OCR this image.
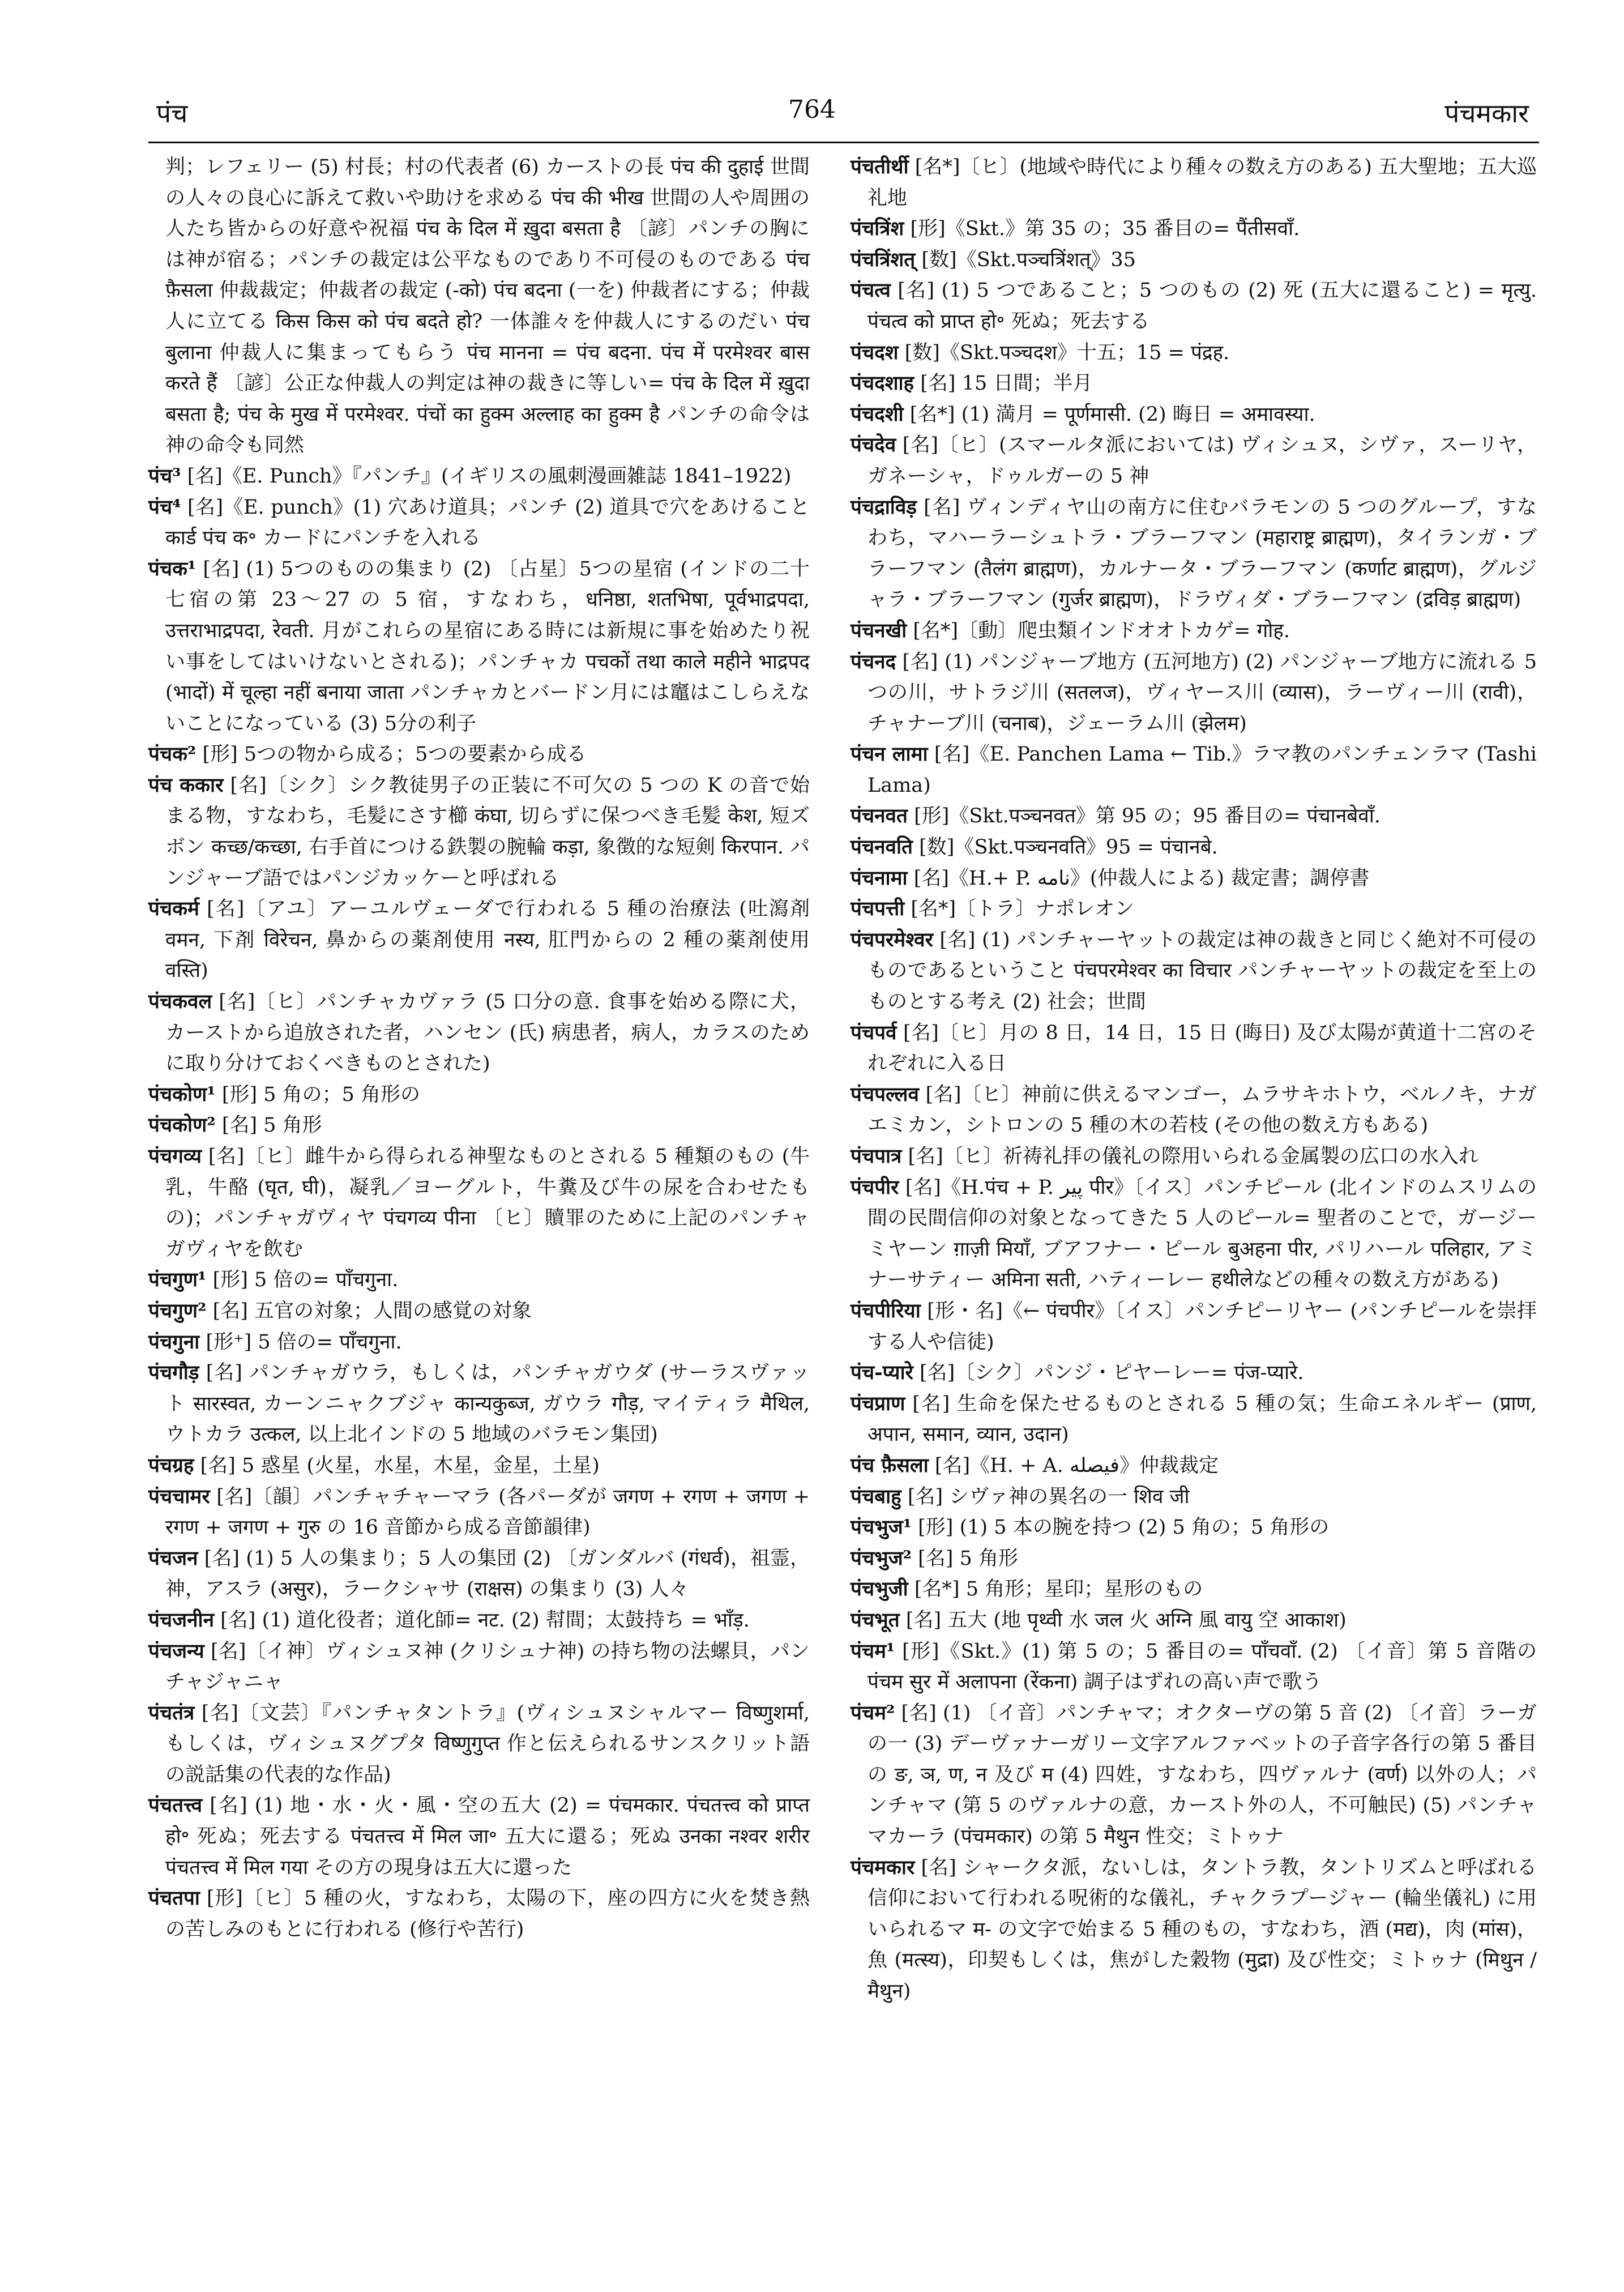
पंच	764	पंचमकार

判；レフェリー (5) 村長；村の代表者 (6) カーストの長 पंच की दुहाई 世間の人々の良心に訴えて救いや助けを求める पंच की भीख 世間の人や周囲の人たち皆からの好意や祝福 पंच के दिल में ख़ुदा बसता है 〔諺〕パンチの胸には神が宿る；パンチの裁定は公平なものであり不可侵のものである पंच फ़ैसला 仲裁裁定；仲裁者の裁定 (-को) पंच बदना (一を) 仲裁者にする；仲裁人に立てる किस किस को पंच बदते हो? 一体誰々を仲裁人にするのだい पंच बुलाना 仲裁人に集まってもらう पंच मानना = पंच बदना. पंच में परमेश्वर बास करते हैं 〔諺〕公正な仲裁人の判定は神の裁きに等しい= पंच के दिल में ख़ुदा बसता है; पंच के मुख में परमेश्वर. पंचों का हुक्म अल्लाह का हुक्म है パンチの命令は神の命令も同然

पंच³ [名]《E. Punch》『パンチ』(イギリスの風刺漫画雑誌 1841–1922)

पंच⁴ [名]《E. punch》(1) 穴あけ道具；パンチ (2) 道具で穴をあけること कार्ड पंच क॰ カードにパンチを入れる

पंचक¹ [名] (1) 5つのものの集まり (2) 〔占星〕5つの星宿 (インドの二十七宿の第 23〜27 の 5 宿，すなわち，धनिष्ठा, शतभिषा, पूर्वभाद्रपदा, उत्तराभाद्रपदा, रेवती. 月がこれらの星宿にある時には新規に事を始めたり祝い事をしてはいけないとされる)；パンチャカ पचकों तथा काले महीने भाद्रपद (भादों) में चूल्हा नहीं बनाया जाता パンチャカとバードン月には竈はこしらえないことになっている (3) 5分の利子

पंचक² [形] 5つの物から成る；5つの要素から成る

पंच ककार [名]〔シク〕シク教徒男子の正装に不可欠の 5 つの K の音で始まる物，すなわち，毛髪にさす櫛 कंघा, 切らずに保つべき毛髪 केश, 短ズボン कच्छ/कच्छा, 右手首につける鉄製の腕輪 कड़ा, 象徴的な短剣 किरपान. パンジャーブ語ではパンジカッケーと呼ばれる

पंचकर्म [名]〔アユ〕アーユルヴェーダで行われる 5 種の治療法 (吐瀉剤 वमन, 下剤 विरेचन, 鼻からの薬剤使用 नस्य, 肛門からの 2 種の薬剤使用 वस्ति)

पंचकवल [名]〔ヒ〕パンチャカヴァラ (5 口分の意. 食事を始める際に犬，カーストから追放された者，ハンセン (氏) 病患者，病人，カラスのために取り分けておくべきものとされた)

पंचकोण¹ [形] 5 角の；5 角形の

पंचकोण² [名] 5 角形

पंचगव्य [名]〔ヒ〕雌牛から得られる神聖なものとされる 5 種類のもの (牛乳，牛酪 (घृत, घी)，凝乳／ヨーグルト，牛糞及び牛の尿を合わせたもの)；パンチャガヴィヤ पंचगव्य पीना 〔ヒ〕贖罪のために上記のパンチャガヴィヤを飲む

पंचगुण¹ [形] 5 倍の= पाँचगुना.

पंचगुण² [名] 五官の対象；人間の感覚の対象

पंचगुना [形⁺] 5 倍の= पाँचगुना.

पंचगौड़ [名] パンチャガウラ，もしくは，パンチャガウダ (サーラスヴァット सारस्वत, カーンニャクブジャ कान्यकुब्ज, ガウラ गौड़, マイティラ मैथिल, ウトカラ उत्कल, 以上北インドの 5 地域のバラモン集団)

पंचग्रह [名] 5 惑星 (火星，水星，木星，金星，土星)

पंचचामर [名]〔韻〕パンチャチャーマラ (各パーダが जगण + रगण + जगण + रगण + जगण + गुरु の 16 音節から成る音節韻律)

पंचजन [名] (1) 5 人の集まり；5 人の集団 (2) 〔ガンダルバ (गंधर्व)，祖霊，神，アスラ (असुर)，ラークシャサ (राक्षस) の集まり (3) 人々

पंचजनीन [名] (1) 道化役者；道化師= नट. (2) 幇間；太鼓持ち = भाँड़.

पंचजन्य [名]〔イ神〕ヴィシュヌ神 (クリシュナ神) の持ち物の法螺貝，パンチャジャニャ

पंचतंत्र [名]〔文芸〕『パンチャタントラ』(ヴィシュヌシャルマー विष्णुशर्मा, もしくは，ヴィシュヌグプタ विष्णुगुप्त 作と伝えられるサンスクリット語の説話集の代表的な作品)

पंचतत्त्व [名] (1) 地・水・火・風・空の五大 (2) = पंचमकार. पंचतत्त्व को प्राप्त हो॰ 死ぬ；死去する पंचतत्त्व में मिल जा॰ 五大に還る；死ぬ उनका नश्वर शरीर पंचतत्त्व में मिल गया その方の現身は五大に還った

पंचतपा [形]〔ヒ〕5 種の火，すなわち，太陽の下，座の四方に火を焚き熱の苦しみのもとに行われる (修行や苦行)

पंचतीर्थी [名*]〔ヒ〕(地域や時代により種々の数え方のある) 五大聖地；五大巡礼地

पंचत्रिंश [形]《Skt.》第 35 の；35 番目の= पैंतीसवाँ.

पंचत्रिंशत् [数]《Skt.पञ्चत्रिंशत्》35

पंचत्व [名] (1) 5 つであること；5 つのもの (2) 死 (五大に還ること) = मृत्यु. पंचत्व को प्राप्त हो॰ 死ぬ；死去する

पंचदश [数]《Skt.पञ्चदश》十五；15 = पंद्रह.

पंचदशाह [名] 15 日間；半月

पंचदशी [名*] (1) 満月 = पूर्णमासी. (2) 晦日 = अमावस्या.

पंचदेव [名]〔ヒ〕(スマールタ派においては) ヴィシュヌ，シヴァ，スーリヤ，ガネーシャ，ドゥルガーの 5 神

पंचद्राविड़ [名] ヴィンディヤ山の南方に住むバラモンの 5 つのグループ，すなわち，マハーラーシュトラ・ブラーフマン (महाराष्ट्र ब्राह्मण)，タイランガ・ブラーフマン (तैलंग ब्राह्मण)，カルナータ・ブラーフマン (कर्णाट ब्राह्मण)，グルジャラ・ブラーフマン (गुर्जर ब्राह्मण)，ドラヴィダ・ブラーフマン (द्रविड़ ब्राह्मण)

पंचनखी [名*]〔動〕爬虫類インドオオトカゲ= गोह.

पंचनद [名] (1) パンジャーブ地方 (五河地方) (2) パンジャーブ地方に流れる 5 つの川，サトラジ川 (सतलज)，ヴィヤース川 (व्यास)，ラーヴィー川 (रावी)，チャナーブ川 (चनाब)，ジェーラム川 (झेलम)

पंचन लामा [名]《E. Panchen Lama ← Tib.》ラマ教のパンチェンラマ (Tashi Lama)

पंचनवत [形]《Skt.पञ्चनवत》第 95 の；95 番目の= पंचानबेवाँ.

पंचनवति [数]《Skt.पञ्चनवति》95 = पंचानबे.

पंचनामा [名]《H.+ P. نامه》(仲裁人による) 裁定書；調停書

पंचपत्ती [名*]〔トラ〕ナポレオン

पंचपरमेश्वर [名] (1) パンチャーヤットの裁定は神の裁きと同じく絶対不可侵のものであるということ पंचपरमेश्वर का विचार パンチャーヤットの裁定を至上のものとする考え (2) 社会；世間

पंचपर्व [名]〔ヒ〕月の 8 日，14 日，15 日 (晦日) 及び太陽が黄道十二宮のそれぞれに入る日

पंचपल्लव [名]〔ヒ〕神前に供えるマンゴー，ムラサキホトウ，ベルノキ，ナガエミカン，シトロンの 5 種の木の若枝 (その他の数え方もある)

पंचपात्र [名]〔ヒ〕祈祷礼拝の儀礼の際用いられる金属製の広口の水入れ

पंचपीर [名]《H.पंच + P. پیر पीर》〔イス〕パンチピール (北インドのムスリムの間の民間信仰の対象となってきた 5 人のピール= 聖者のことで，ガージーミヤーン ग़ाज़ी मियाँ, ブアフナー・ピール बुअहना पीर, パリハール पलिहार, アミナーサティー अमिना सती, ハティーレー हथीलेなどの種々の数え方がある)

पंचपीरिया [形・名]《← पंचपीर》〔イス〕パンチピーリヤー (パンチピールを崇拝する人や信徒)

पंच-प्यारे [名]〔シク〕パンジ・ピヤーレー= पंज-प्यारे.

पंचप्राण [名] 生命を保たせるものとされる 5 種の気；生命エネルギー (प्राण, अपान, समान, व्यान, उदान)

पंच फ़ैसला [名]《H. + A. فيصله》仲裁裁定

पंचबाहु [名] シヴァ神の異名の一 शिव जी

पंचभुज¹ [形] (1) 5 本の腕を持つ (2) 5 角の；5 角形の

पंचभुज² [名] 5 角形

पंचभुजी [名*] 5 角形；星印；星形のもの

पंचभूत [名] 五大 (地 पृथ्वी 水 जल 火 अग्नि 風 वायु 空 आकाश)

पंचम¹ [形]《Skt.》(1) 第 5 の；5 番目の= पाँचवाँ. (2) 〔イ音〕第 5 音階の पंचम सुर में अलापना (रेंकना) 調子はずれの高い声で歌う

पंचम² [名] (1) 〔イ音〕パンチャマ；オクターヴの第 5 音 (2) 〔イ音〕ラーガの一 (3) デーヴァナーガリー文字アルファベットの子音字各行の第 5 番目の ङ, ञ, ण, न 及び म (4) 四姓，すなわち，四ヴァルナ (वर्ण) 以外の人；パンチャマ (第 5 のヴァルナの意，カースト外の人，不可触民) (5) パンチャマカーラ (पंचमकार) の第 5 मैथुन 性交；ミトゥナ

पंचमकार [名] シャークタ派，ないしは，タントラ教，タントリズムと呼ばれる信仰において行われる呪術的な儀礼，チャクラプージャー (輪坐儀礼) に用いられるマ म- の文字で始まる 5 種のもの，すなわち，酒 (मद्य)，肉 (मांस)，魚 (मत्स्य)，印契もしくは，焦がした穀物 (मुद्रा) 及び性交；ミトゥナ (मिथुन /मैथुन)
